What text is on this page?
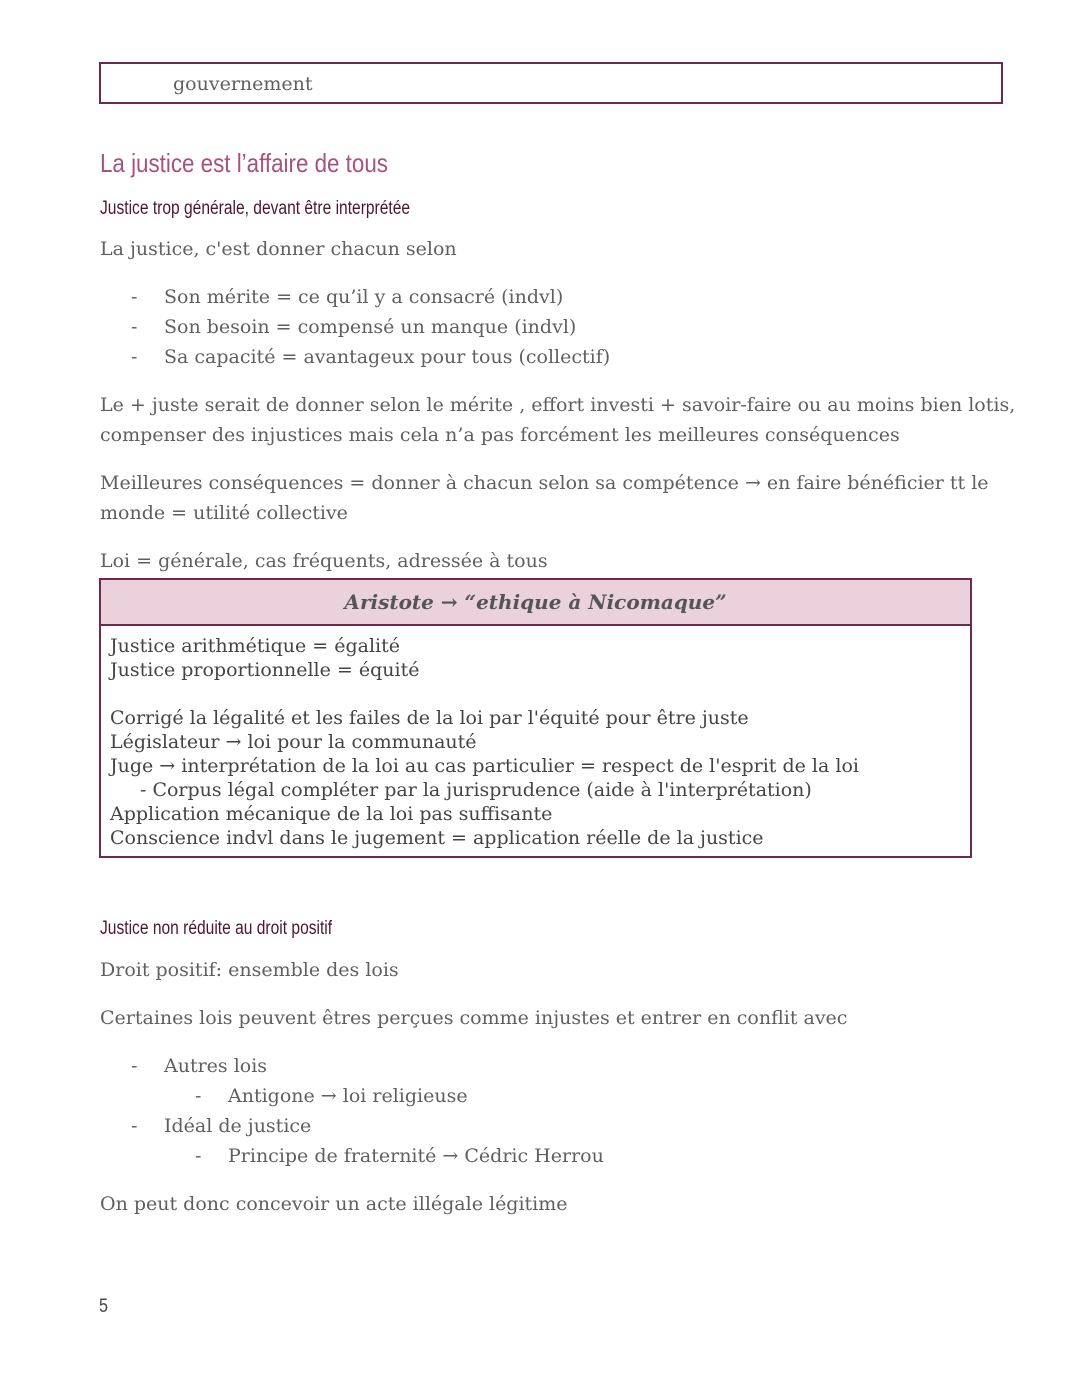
gouvernement
La justice est l’affaire de tous
Justice trop générale, devant être interprétée

La justice, c'est donner chacun selon

- Son mérite = ce qu’il y a consacré (indvl)

- Son besoin = compensé un manque (indvl)

- Sa capacité = avantageux pour tous (collectif)

Le + juste serait de donner selon le mérite , effort investi + savoir-faire ou au moins bien lotis,

compenser des injustices mais cela n’a pas forcément les meilleures conséquences

Meilleures conséquences = donner à chacun selon sa compétence → en faire bénéficier tt le

monde = utilité collective

Loi = générale, cas fréquents, adressée à tous

Aristote → “ethique à Nicomaque”
Justice arithmétique = égalité
Justice proportionnelle = équité
Corrigé la légalité et les failes de la loi par l'équité pour être juste
Législateur → loi pour la communauté
Juge → interprétation de la loi au cas particulier = respect de l'esprit de la loi
- Corpus légal compléter par la jurisprudence (aide à l'interprétation)
Application mécanique de la loi pas suffisante
Conscience indvl dans le jugement = application réelle de la justice
Justice non réduite au droit positif

Droit positif: ensemble des lois

Certaines lois peuvent êtres perçues comme injustes et entrer en conflit avec

- Autres lois

- Antigone → loi religieuse

- Idéal de justice

- Principe de fraternité → Cédric Herrou

On peut donc concevoir un acte illégale légitime

5
